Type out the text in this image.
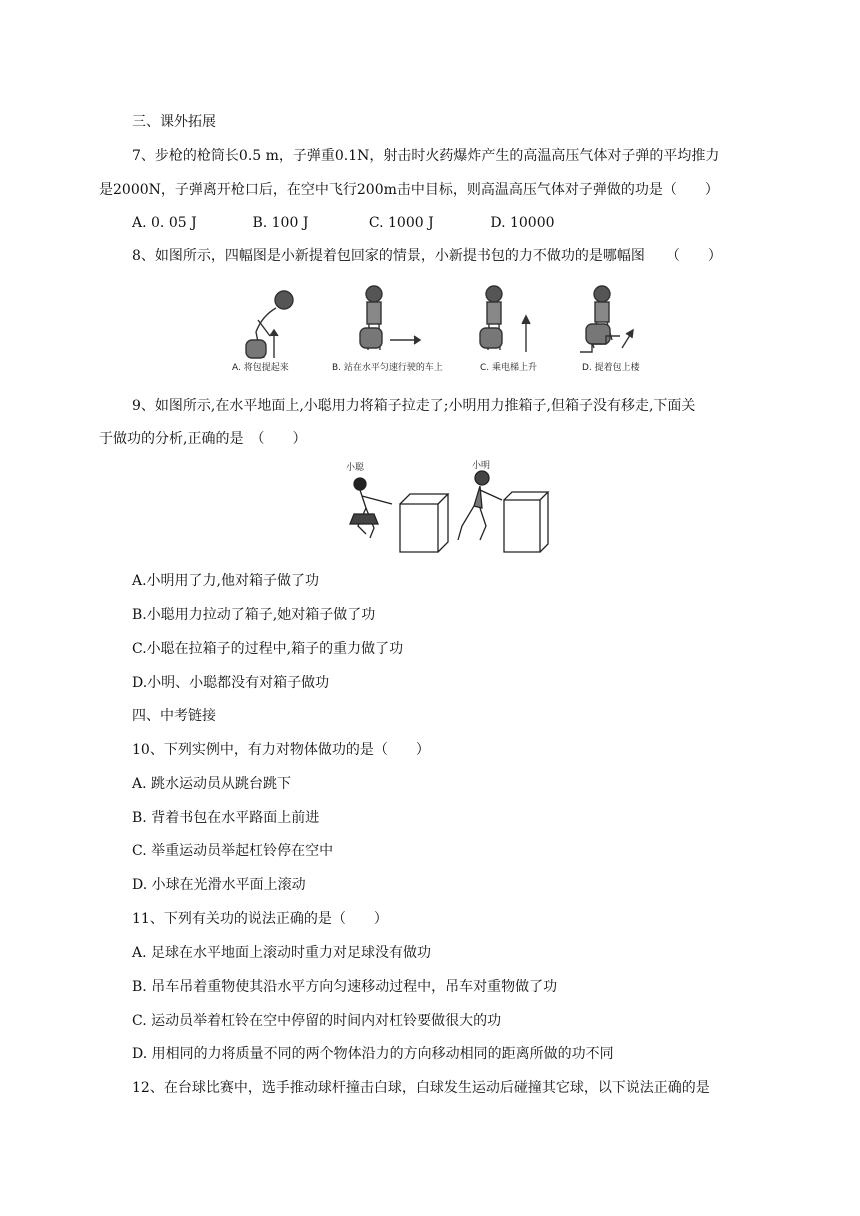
三、课外拓展
7、步枪的枪筒长0.5 m，子弹重0.1N，射击时火药爆炸产生的高温高压气体对子弹的平均推力
是2000N，子弹离开枪口后，在空中飞行200m击中目标，则高温高压气体对子弹做的功是（　　）
A. 0. 05 J	B. 100 J	C. 1000 J	D. 10000
8、如图所示，四幅图是小新提着包回家的情景，小新提书包的力不做功的是哪幅图　　（　　）
A. 将包提起来	B. 站在水平匀速行驶的车上	C. 乘电梯上升	D. 提着包上楼
9、如图所示,在水平地面上,小聪用力将箱子拉走了;小明用力推箱子,但箱子没有移走,下面关
于做功的分析,正确的是　（　　）
小聪	小明
A.小明用了力,他对箱子做了功
B.小聪用力拉动了箱子,她对箱子做了功
C.小聪在拉箱子的过程中,箱子的重力做了功
D.小明、小聪都没有对箱子做功
四、中考链接
10、下列实例中，有力对物体做功的是（　　）
A. 跳水运动员从跳台跳下
B. 背着书包在水平路面上前进
C. 举重运动员举起杠铃停在空中
D. 小球在光滑水平面上滚动
11、下列有关功的说法正确的是（　　）
A. 足球在水平地面上滚动时重力对足球没有做功
B. 吊车吊着重物使其沿水平方向匀速移动过程中，吊车对重物做了功
C. 运动员举着杠铃在空中停留的时间内对杠铃要做很大的功
D. 用相同的力将质量不同的两个物体沿力的方向移动相同的距离所做的功不同
12、在台球比赛中，选手推动球杆撞击白球，白球发生运动后碰撞其它球，以下说法正确的是
